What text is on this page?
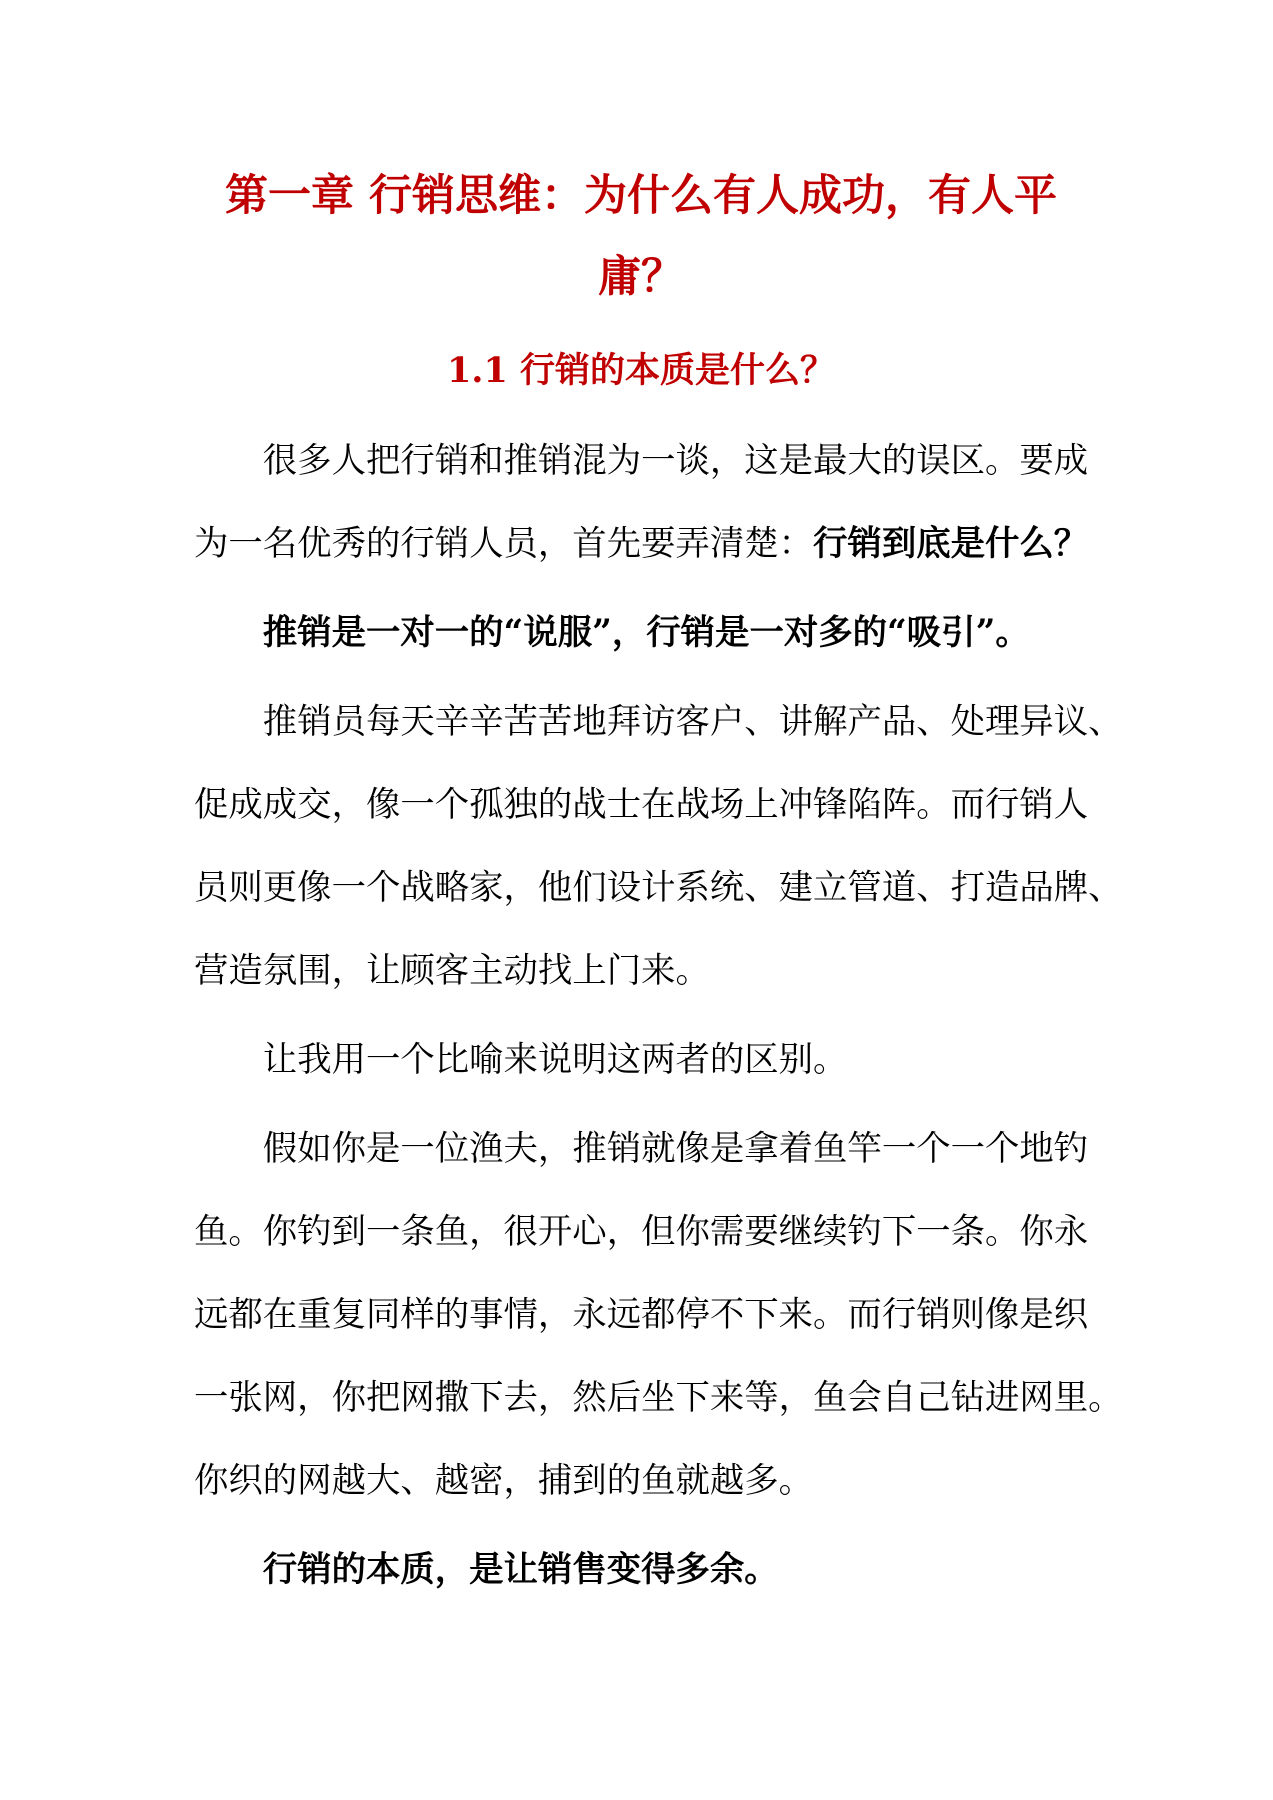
第一章 行销思维：为什么有人成功，有人平
庸？
1.1 行销的本质是什么？
很多人把行销和推销混为一谈，这是最大的误区。要成
为一名优秀的行销人员，首先要弄清楚：行销到底是什么？
推销是一对一的“说服”，行销是一对多的“吸引”。
推销员每天辛辛苦苦地拜访客户、讲解产品、处理异议、
促成成交，像一个孤独的战士在战场上冲锋陷阵。而行销人
员则更像一个战略家，他们设计系统、建立管道、打造品牌、
营造氛围，让顾客主动找上门来。
让我用一个比喻来说明这两者的区别。
假如你是一位渔夫，推销就像是拿着鱼竿一个一个地钓
鱼。你钓到一条鱼，很开心，但你需要继续钓下一条。你永
远都在重复同样的事情，永远都停不下来。而行销则像是织
一张网，你把网撒下去，然后坐下来等，鱼会自己钻进网里。
你织的网越大、越密，捕到的鱼就越多。
行销的本质，是让销售变得多余。
